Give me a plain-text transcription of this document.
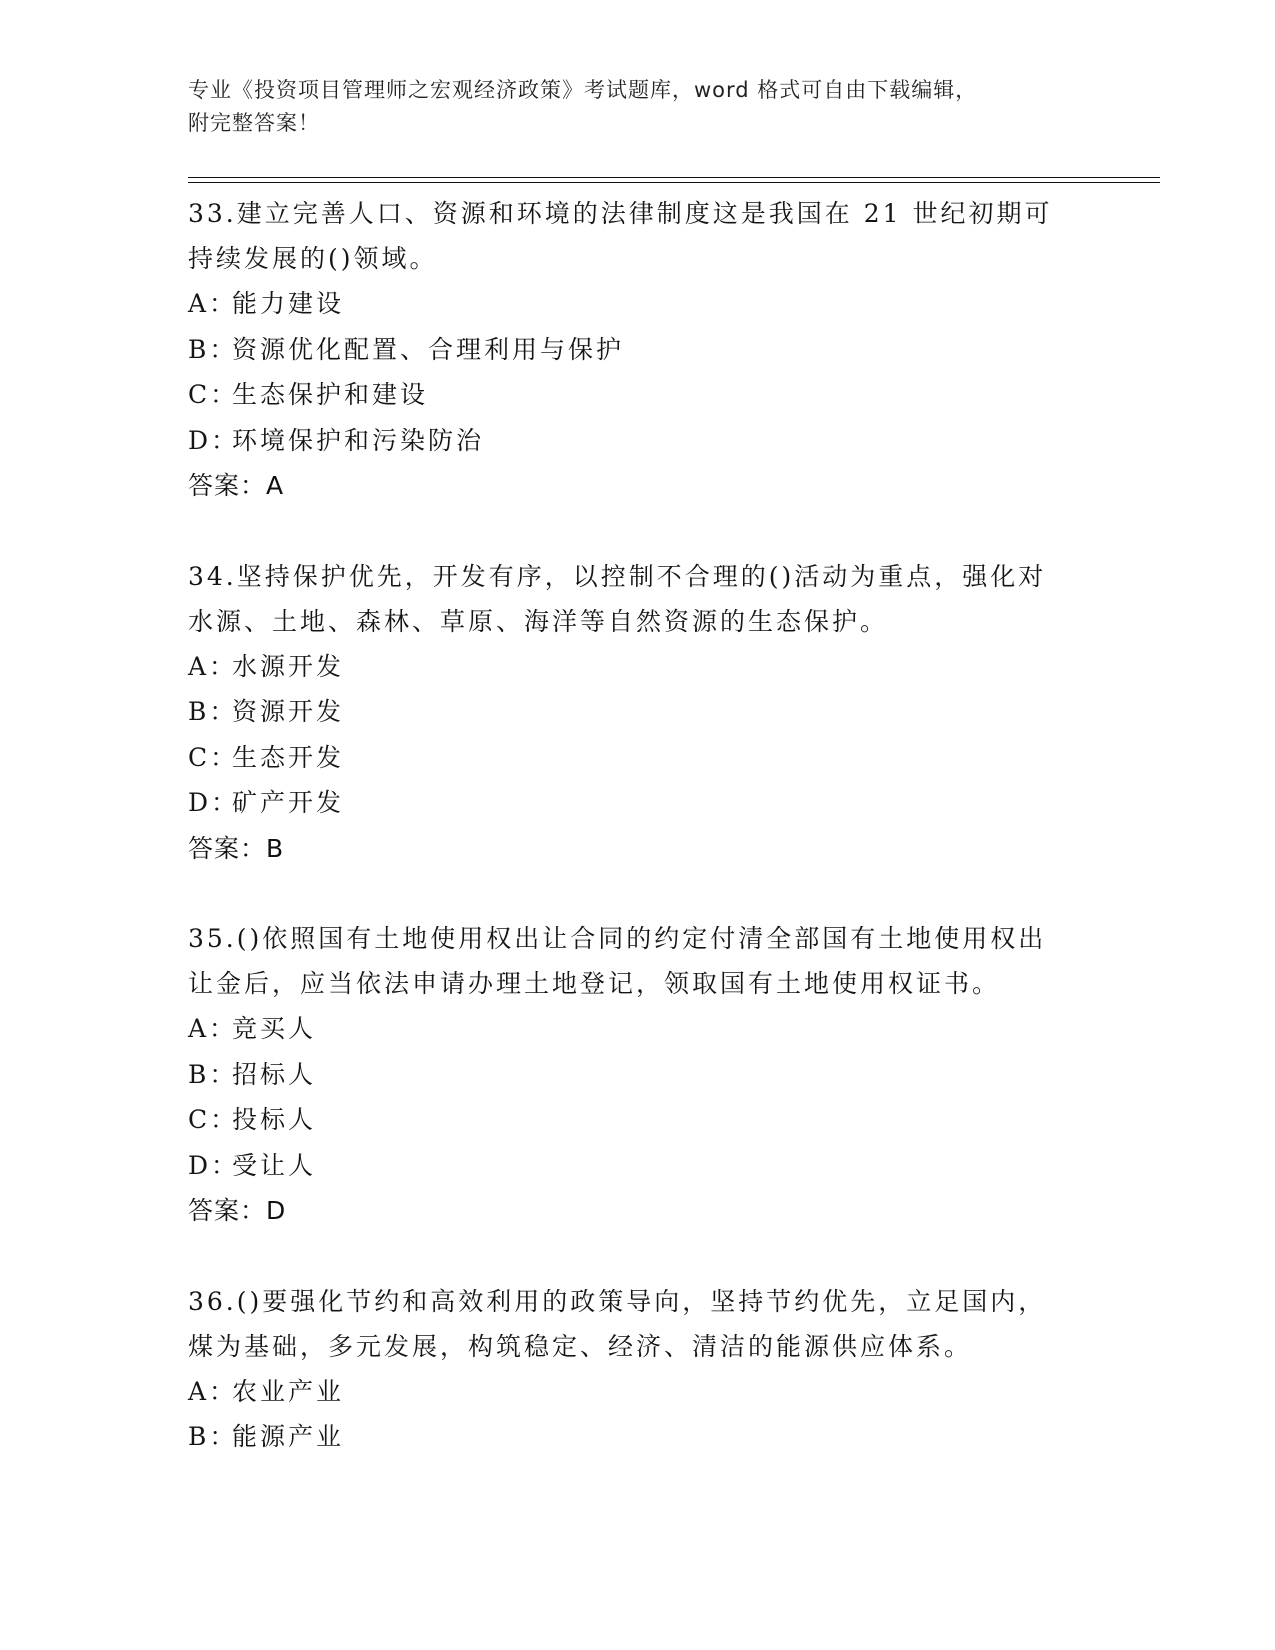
专业《投资项目管理师之宏观经济政策》考试题库，word 格式可自由下载编辑，
附完整答案！
33.建立完善人口、资源和环境的法律制度这是我国在 21 世纪初期可
持续发展的()领域。
A：能力建设
B：资源优化配置、合理利用与保护
C：生态保护和建设
D：环境保护和污染防治
答案：A
34.坚持保护优先，开发有序，以控制不合理的()活动为重点，强化对
水源、土地、森林、草原、海洋等自然资源的生态保护。
A：水源开发
B：资源开发
C：生态开发
D：矿产开发
答案：B
35.()依照国有土地使用权出让合同的约定付清全部国有土地使用权出
让金后，应当依法申请办理土地登记，领取国有土地使用权证书。
A：竞买人
B：招标人
C：投标人
D：受让人
答案：D
36.()要强化节约和高效利用的政策导向，坚持节约优先，立足国内，
煤为基础，多元发展，构筑稳定、经济、清洁的能源供应体系。
A：农业产业
B：能源产业
